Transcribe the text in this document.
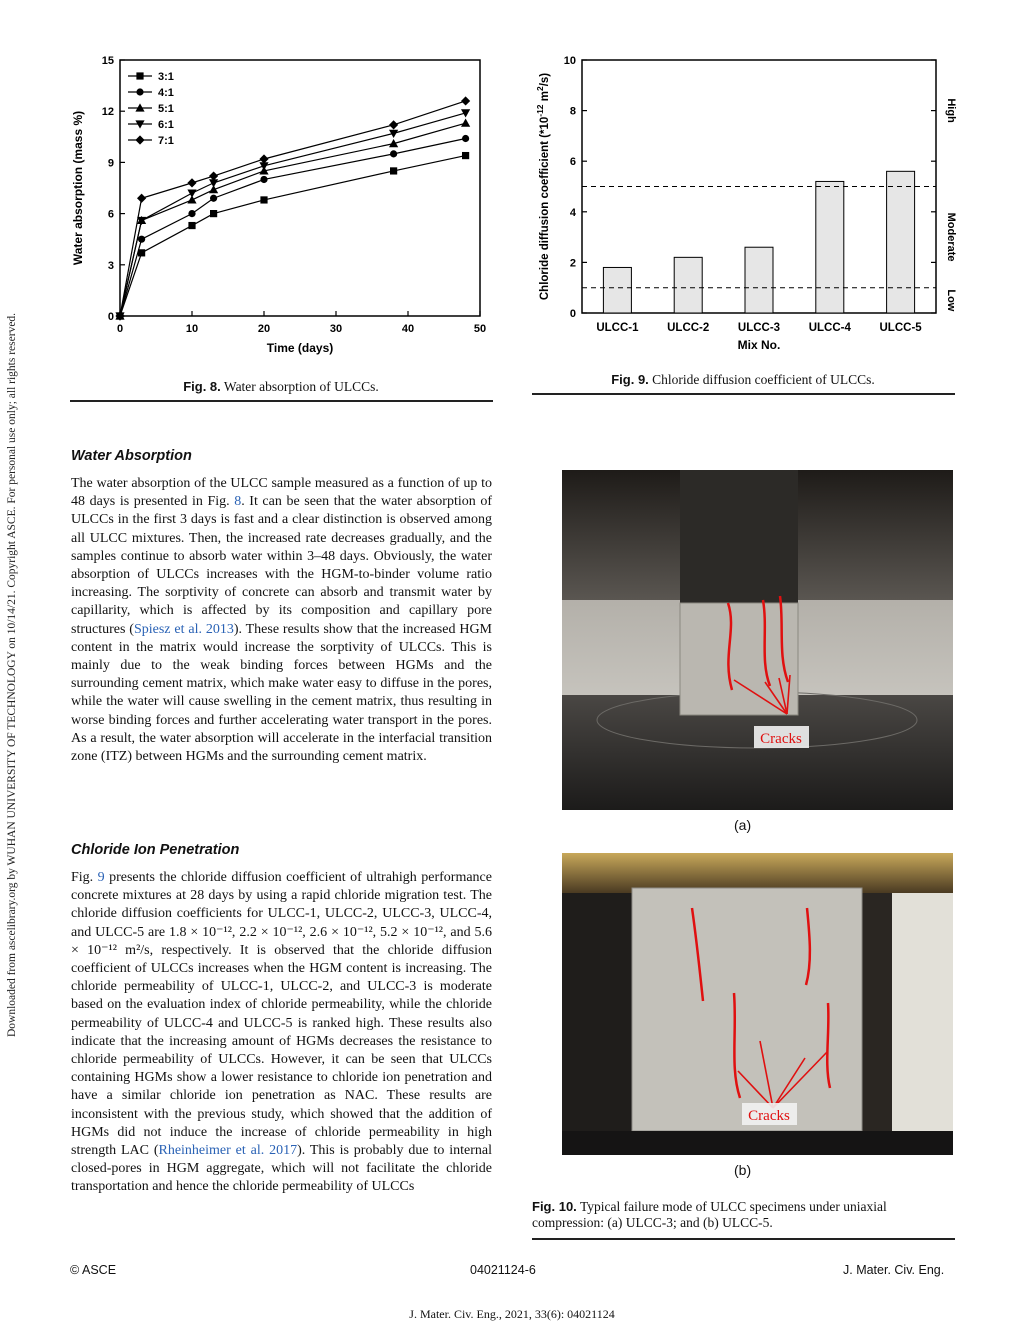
Downloaded from ascelibrary.org by WUHAN UNIVERSITY OF TECHNOLOGY on 10/14/21. Copyright ASCE. For personal use only; all rights reserved.	0	10	20	30	40	50
0
3
6
9
12
15
Time (days)
Water absorption (mass %)
3:1
4:1
5:1
6:1
7:1
Fig. 8. Water absorption of ULCCs.
0
2
4
6
8
10
ULCC-1 ULCC-2 ULCC-3 ULCC-4 ULCC-5
Mix No.
Chloride diffusion coefficient ($*10^{-12}$ $m^2/s$)
High
Moderate
Low
Fig. 9. Chloride diffusion coefficient of ULCCs.
Water Absorption

The water absorption of the ULCC sample measured as a function of up to 48 days is presented in Fig. 8. It can be seen that the water absorption of ULCCs in the first 3 days is fast and a clear distinction is observed among all ULCC mixtures. Then, the increased rate decreases gradually, and the samples continue to absorb water within 3–48 days. Obviously, the water absorption of ULCCs increases with the HGM-to-binder volume ratio increasing. The sorptivity of concrete can absorb and transmit water by capillarity, which is affected by its composition and capillary pore structures (Spiesz et al. 2013). These results show that the increased HGM content in the matrix would increase the sorptivity of ULCCs. This is mainly due to the weak binding forces between HGMs and the surrounding cement matrix, which make water easy to diffuse in the pores, while the water will cause swelling in the cement matrix, thus resulting in worse binding forces and further accelerating water transport in the pores. As a result, the water absorption will accelerate in the interfacial transition zone (ITZ) between HGMs and the surrounding cement matrix.

Chloride Ion Penetration

Fig. 9 presents the chloride diffusion coefficient of ultrahigh performance concrete mixtures at 28 days by using a rapid chloride migration test. The chloride diffusion coefficients for ULCC-1, ULCC-2, ULCC-3, ULCC-4, and ULCC-5 are 1.8 × 10⁻¹², 2.2 × 10⁻¹², 2.6 × 10⁻¹², 5.2 × 10⁻¹², and 5.6 × 10⁻¹² m²/s, respectively. It is observed that the chloride diffusion coefficient of ULCCs increases when the HGM content is increasing. The chloride permeability of ULCC-1, ULCC-2, and ULCC-3 is moderate based on the evaluation index of chloride permeability, while the chloride permeability of ULCC-4 and ULCC-5 is ranked high. These results also indicate that the increasing amount of HGMs decreases the resistance to chloride permeability of ULCCs. However, it can be seen that ULCCs containing HGMs show a lower resistance to chloride ion penetration and have a similar chloride ion penetration as NAC. These results are inconsistent with the previous study, which showed that the addition of HGMs did not induce the increase of chloride permeability in high strength LAC (Rheinheimer et al. 2017). This is probably due to internal closed-pores in HGM aggregate, which will not facilitate the chloride transportation and hence the chloride permeability of ULCCs

Cracks
(a)
Cracks
(b)
Fig. 10. Typical failure mode of ULCC specimens under uniaxial compression: (a) ULCC-3; and (b) ULCC-5.
© ASCE	04021124-6	J. Mater. Civ. Eng.
J. Mater. Civ. Eng., 2021, 33(6): 04021124
